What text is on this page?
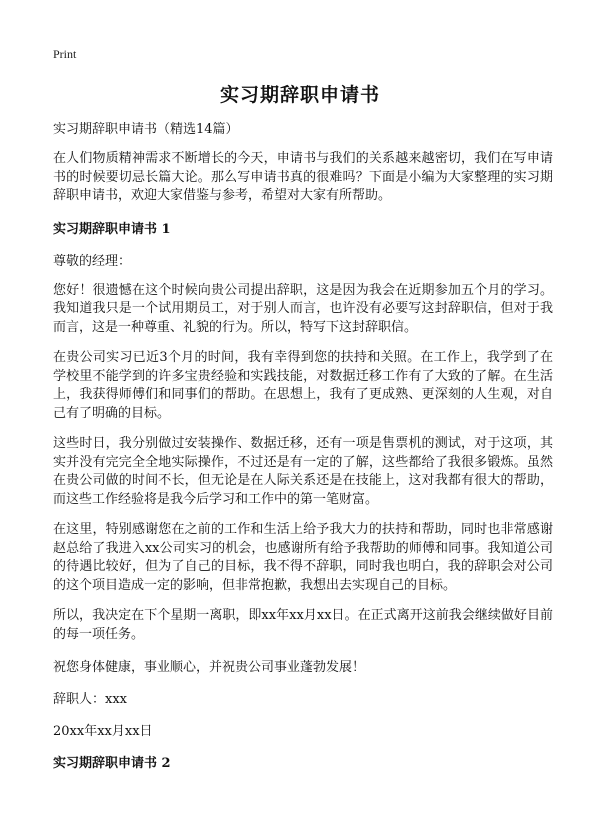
Print
实习期辞职申请书
实习期辞职申请书（精选14篇）

在人们物质精神需求不断增长的今天，申请书与我们的关系越来越密切，我们在写申请书的时候要切忌长篇大论。那么写申请书真的很难吗？下面是小编为大家整理的实习期辞职申请书，欢迎大家借鉴与参考，希望对大家有所帮助。

实习期辞职申请书 1
尊敬的经理：

您好！很遗憾在这个时候向贵公司提出辞职，这是因为我会在近期参加五个月的学习。我知道我只是一个试用期员工，对于别人而言，也许没有必要写这封辞职信，但对于我而言，这是一种尊重、礼貌的行为。所以，特写下这封辞职信。

在贵公司实习已近3个月的时间，我有幸得到您的扶持和关照。在工作上，我学到了在学校里不能学到的许多宝贵经验和实践技能，对数据迁移工作有了大致的了解。在生活上，我获得师傅们和同事们的帮助。在思想上，我有了更成熟、更深刻的人生观，对自己有了明确的目标。

这些时日，我分别做过安装操作、数据迁移，还有一项是售票机的测试，对于这项，其实并没有完完全全地实际操作，不过还是有一定的了解，这些都给了我很多锻炼。虽然在贵公司做的时间不长，但无论是在人际关系还是在技能上，这对我都有很大的帮助，而这些工作经验将是我今后学习和工作中的第一笔财富。

在这里，特别感谢您在之前的工作和生活上给予我大力的扶持和帮助，同时也非常感谢赵总给了我进入xx公司实习的机会，也感谢所有给予我帮助的师傅和同事。我知道公司的待遇比较好，但为了自己的目标，我不得不辞职，同时我也明白，我的辞职会对公司的这个项目造成一定的影响，但非常抱歉，我想出去实现自己的目标。

所以，我决定在下个星期一离职，即xx年xx月xx日。在正式离开这前我会继续做好目前的每一项任务。

祝您身体健康，事业顺心，并祝贵公司事业蓬勃发展！
辞职人：xxx
20xx年xx月xx日
实习期辞职申请书 2
